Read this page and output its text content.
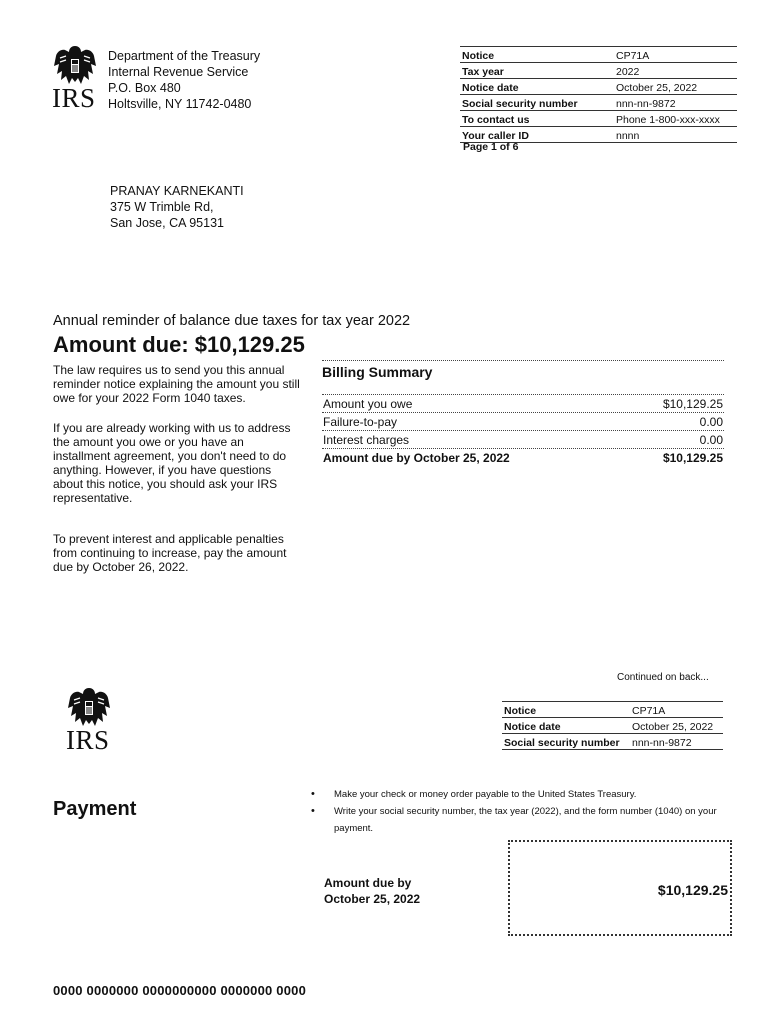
IRS
Department of the Treasury
Internal Revenue Service
P.O. Box 480
Holtsville, NY 11742-0480
Notice	CP71A
Tax year	2022
Notice date	October 25, 2022
Social security number	nnn-nn-9872
To contact us	Phone 1-800-xxx-xxxx
Your caller ID	nnnn
Page 1 of 6
PRANAY KARNEKANTI
375 W Trimble Rd,
San Jose, CA 95131
Annual reminder of balance due taxes for tax year 2022
Amount due: $10,129.25
The law requires us to send you this annual reminder notice explaining the amount you still owe for your 2022 Form 1040 taxes.
If you are already working with us to address the amount you owe or you have an installment agreement, you don't need to do anything. However, if you have questions about this notice, you should ask your IRS representative.
To prevent interest and applicable penalties from continuing to increase, pay the amount due by October 26, 2022.
Billing Summary
Amount you owe	$10,129.25
Failure-to-pay	0.00
Interest charges	0.00
Amount due by October 25, 2022	$10,129.25
Continued on back...
IRS
Notice	CP71A
Notice date	October 25, 2022
Social security number	nnn-nn-9872
Payment
• Make your check or money order payable to the United States Treasury.
• Write your social security number, the tax year (2022), and the form number (1040) on your payment.
Amount due by
October 25, 2022
$10,129.25
0000 0000000 0000000000 0000000 0000
